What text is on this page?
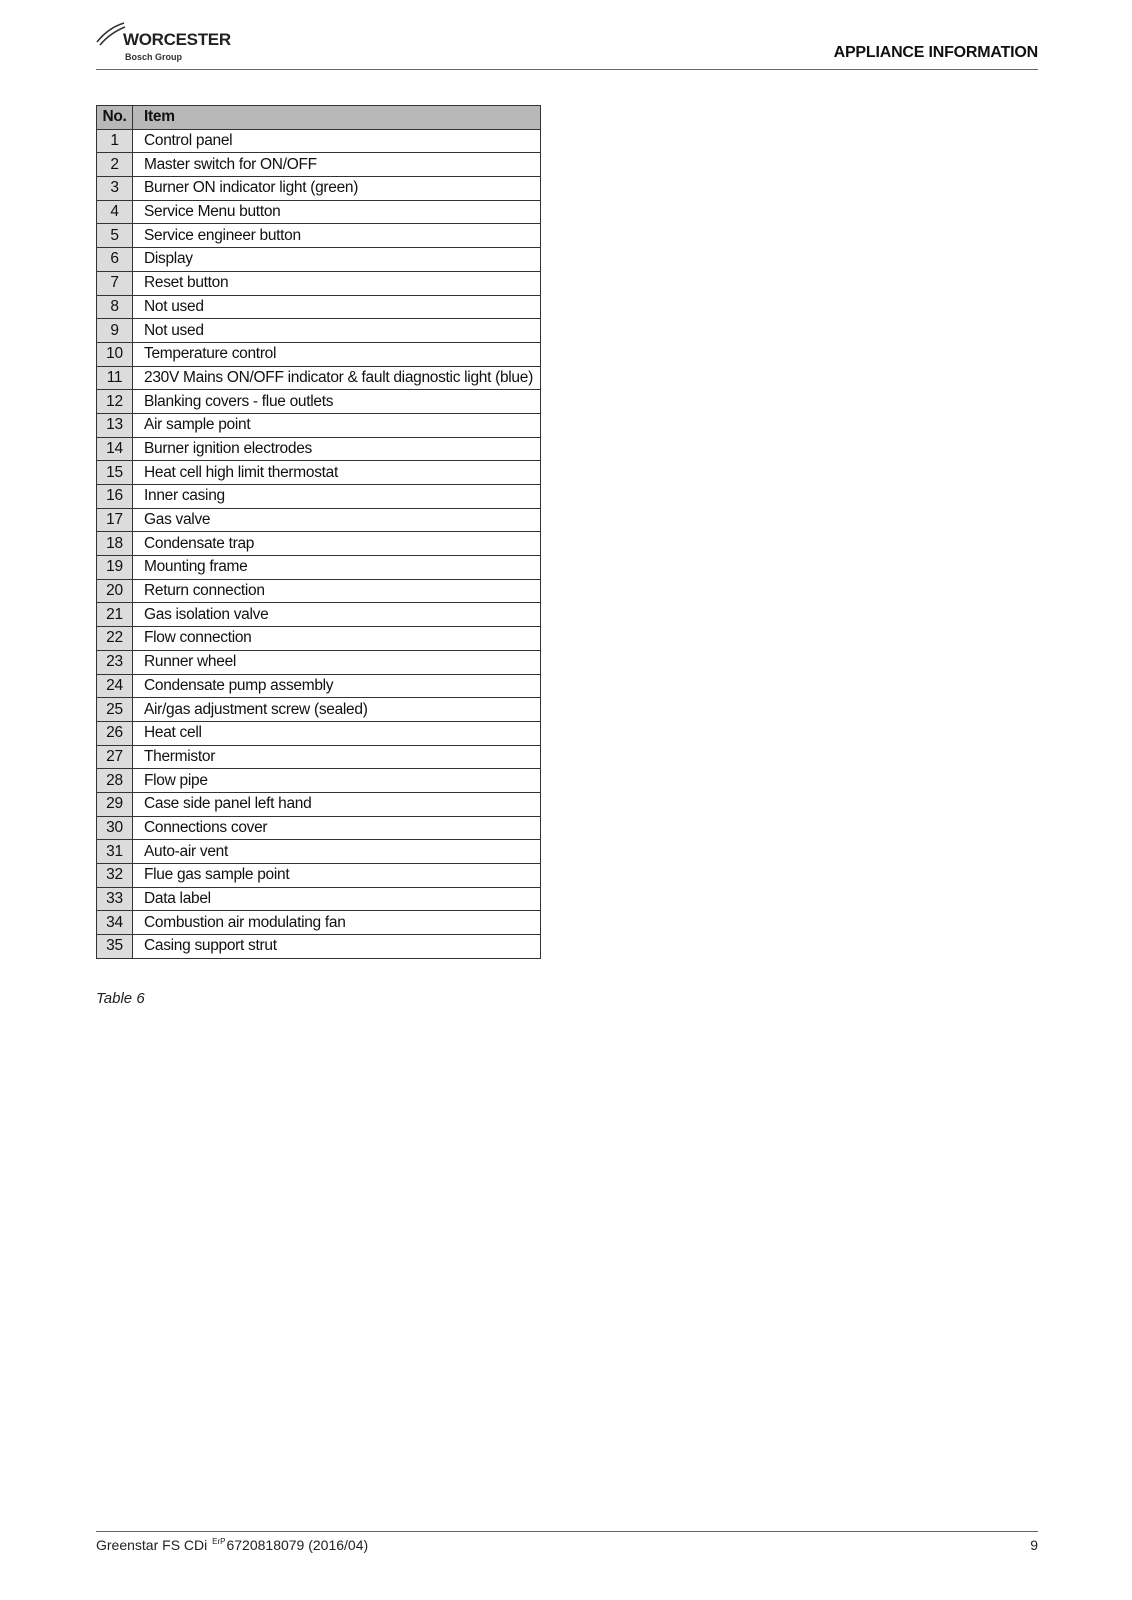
WORCESTER
Bosch Group	APPLIANCE INFORMATION
No.	Item
1	Control panel
2	Master switch for ON/OFF
3	Burner ON indicator light (green)
4	Service Menu button
5	Service engineer button
6	Display
7	Reset button
8	Not used
9	Not used
10	Temperature control
11	230V Mains ON/OFF indicator & fault diagnostic light (blue)
12	Blanking covers - flue outlets
13	Air sample point
14	Burner ignition electrodes
15	Heat cell high limit thermostat
16	Inner casing
17	Gas valve
18	Condensate trap
19	Mounting frame
20	Return connection
21	Gas isolation valve
22	Flow connection
23	Runner wheel
24	Condensate pump assembly
25	Air/gas adjustment screw (sealed)
26	Heat cell
27	Thermistor
28	Flow pipe
29	Case side panel left hand
30	Connections cover
31	Auto-air vent
32	Flue gas sample point
33	Data label
34	Combustion air modulating fan
35	Casing support strut
Table 6
Greenstar FS CDi $^{ErP}$6720818079 (2016/04)	9
